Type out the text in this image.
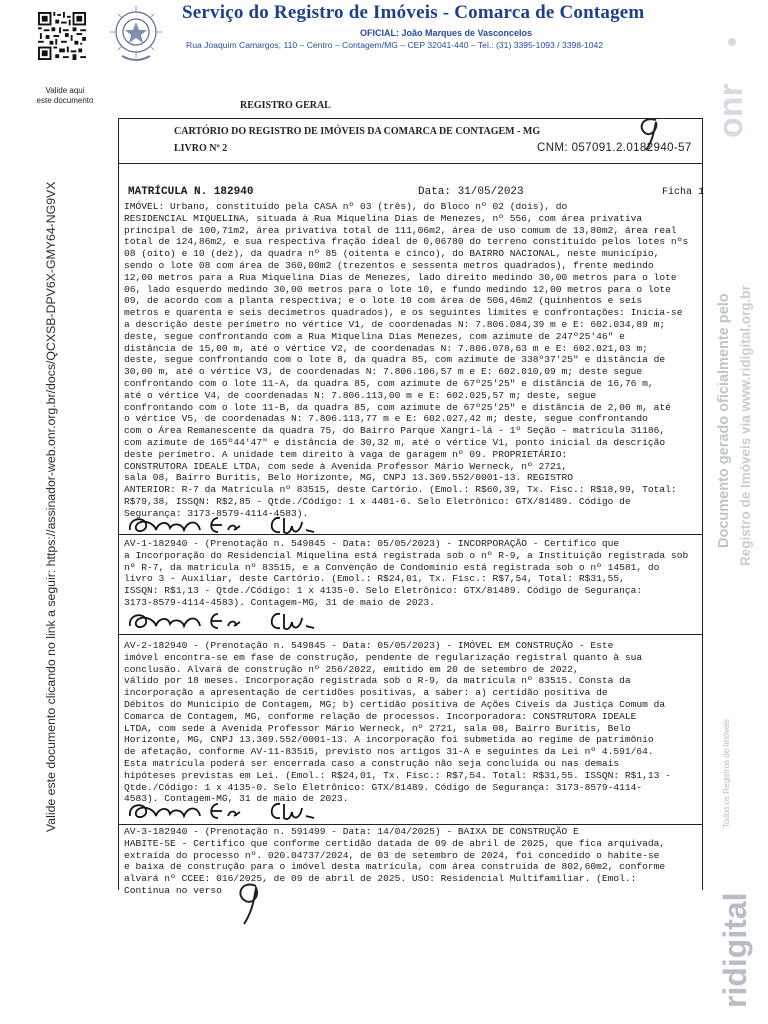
Valide aqui
este documento
Serviço do Registro de Imóveis - Comarca de Contagem
OFICIAL: João Marques de Vasconcelos
Rua Joaquim Camargos, 110 – Centro – Contagem/MG – CEP 32041-440 – Tel.: (31) 3395-1093 / 3398-1042
onr
Documento gerado oficialmente pelo Registro de Imóveis via www.ridigital.org.br
Valide este documento clicando no link a seguir: https://assinador-web.onr.org.br/docs/QCXSB-DPV6X-GMY64-NG9VX
ridigital
Todos os Registros de Imóveis
REGISTRO GERAL
CARTÓRIO DO REGISTRO DE IMÓVEIS DA COMARCA DE CONTAGEM - MG
LIVRO Nº 2	CNM: 057091.2.0182940-57
MATRÍCULA N. 182940	Data: 31/05/2023	Ficha 1
IMÓVEL: Urbano, constituído pela CASA nº 03 (três), do Bloco nº 02 (dois), do
RESIDENCIAL MIQUELINA, situada à Rua Miquelina Dias de Menezes, nº 556, com área privativa
principal de 100,71m2, área privativa total de 111,06m2, área de uso comum de 13,80m2, área real
total de 124,86m2, e sua respectiva fração ideal de 0,06780 do terreno constituído pelos lotes nºs
08 (oito) e 10 (dez), da quadra nº 85 (oitenta e cinco), do BAIRRO NACIONAL, neste município,
sendo o lote 08 com área de 360,00m2 (trezentos e sessenta metros quadrados), frente medindo
12,00 metros para a Rua Miquelina Dias de Menezes, lado direito medindo 30,00 metros para o lote
06, lado esquerdo medindo 30,00 metros para o lote 10, e fundo medindo 12,00 metros para o lote
09, de acordo com a planta respectiva; e o lote 10 com área de 506,46m2 (quinhentos e seis
metros e quarenta e seis decímetros quadrados), e os seguintes limites e confrontações: Inicia-se
a descrição deste perímetro no vértice V1, de coordenadas N: 7.806.084,39 m e E: 602.034,89 m;
deste, segue confrontando com a Rua Miquelina Dias Menezes, com azimute de 247º25'46" e
distância de 15,00 m, até o vértice V2, de coordenadas N: 7.806.078,63 m e E: 602.021,03 m;
deste, segue confrontando com o lote 8, da quadra 85, com azimute de 338º37'25" e distância de
30,00 m, até o vértice V3, de coordenadas N: 7.806.106,57 m e E: 602.010,09 m; deste segue
confrontando com o lote 11-A, da quadra 85, com azimute de 67º25'25" e distância de 16,76 m,
até o vértice V4, de coordenadas N: 7.806.113,00 m e E: 602.025,57 m; deste, segue
confrontando com o lote 11-B, da quadra 85, com azimute de 67º25'25" e distância de 2,00 m, até
o vértice V5, de coordenadas N: 7.806.113,77 m e E: 602.027,42 m; deste, segue confrontando
com o Área Remanescente da quadra 75, do Bairro Parque Xangri-lá - 1º Seção - matrícula 31186,
com azimute de 165º44'47" e distância de 30,32 m, até o vértice V1, ponto inicial da descrição
deste perímetro. A unidade tem direito à vaga de garagem nº 09. PROPRIETÁRIO:
CONSTRUTORA IDEALE LTDA, com sede à Avenida Professor Mário Werneck, nº 2721,
sala 08, Bairro Buritis, Belo Horizonte, MG, CNPJ 13.369.552/0001-13. REGISTRO
ANTERIOR: R-7 da Matrícula nº 83515, deste Cartório. (Emol.: R$60,39, Tx. Fisc.: R$18,99, Total:
R$79,38, ISSQN: R$2,85 - Qtde./Código: 1 x 4401-6. Selo Eletrônico: GTX/81489. Código de
Segurança: 3173-8579-4114-4583).
AV-1-182940 - (Prenotação n. 549845 - Data: 05/05/2023) - INCORPORAÇÃO - Certifico que
a Incorporação do Residencial Miquelina está registrada sob o nº R-9, a Instituição registrada sob
nº R-7, da matrícula nº 83515, e a Convenção de Condomínio está registrada sob o nº 14581, do
livro 3 - Auxiliar, deste Cartório. (Emol.: R$24,01, Tx. Fisc.: R$7,54, Total: R$31,55,
ISSQN: R$1,13 - Qtde./Código: 1 x 4135-0. Selo Eletrônico: GTX/81489. Código de Segurança:
3173-8579-4114-4583). Contagem-MG, 31 de maio de 2023.
AV-2-182940 - (Prenotação n. 549845 - Data: 05/05/2023) - IMÓVEL EM CONSTRUÇÃO - Este
imóvel encontra-se em fase de construção, pendente de regularização registral quanto à sua
conclusão. Alvará de construção nº 256/2022, emitido em 20 de setembro de 2022,
válido por 18 meses. Incorporação registrada sob o R-9, da matrícula nº 83515. Consta da
incorporação a apresentação de certidões positivas, a saber: a) certidão positiva de
Débitos do Município de Contagem, MG; b) certidão positiva de Ações Cíveis da Justiça Comum da
Comarca de Contagem, MG, conforme relação de processos. Incorporadora: CONSTRUTORA IDEALE
LTDA, com sede à Avenida Professor Mário Werneck, nº 2721, sala 08, Bairro Buritis, Belo
Horizonte, MG, CNPJ 13.369.552/0001-13. A incorporação foi submetida ao regime de patrimônio
de afetação, conforme AV-11-83515, previsto nos artigos 31-A e seguintes da Lei nº 4.591/64.
Esta matrícula poderá ser encerrada caso a construção não seja concluída ou nas demais
hipóteses previstas em Lei. (Emol.: R$24,01, Tx. Fisc.: R$7,54. Total: R$31,55. ISSQN: R$1,13 -
Qtde./Código: 1 x 4135-0. Selo Eletrônico: GTX/81489. Código de Segurança: 3173-8579-4114-
4583). Contagem-MG, 31 de maio de 2023.
AV-3-182940 - (Prenotação n. 591499 - Data: 14/04/2025) - BAIXA DE CONSTRUÇÃO E
HABITE-SE - Certifico que conforme certidão datada de 09 de abril de 2025, que fica arquivada,
extraída do processo nº. 020.04737/2024, de 03 de setembro de 2024, foi concedido o habite-se
e baixa de construção para o imóvel desta matrícula, com área construída de 802,60m2, conforme
alvará nº CCEE: 016/2025, de 09 de abril de 2025. USO: Residencial Multifamiliar. (Emol.:
Continua no verso
